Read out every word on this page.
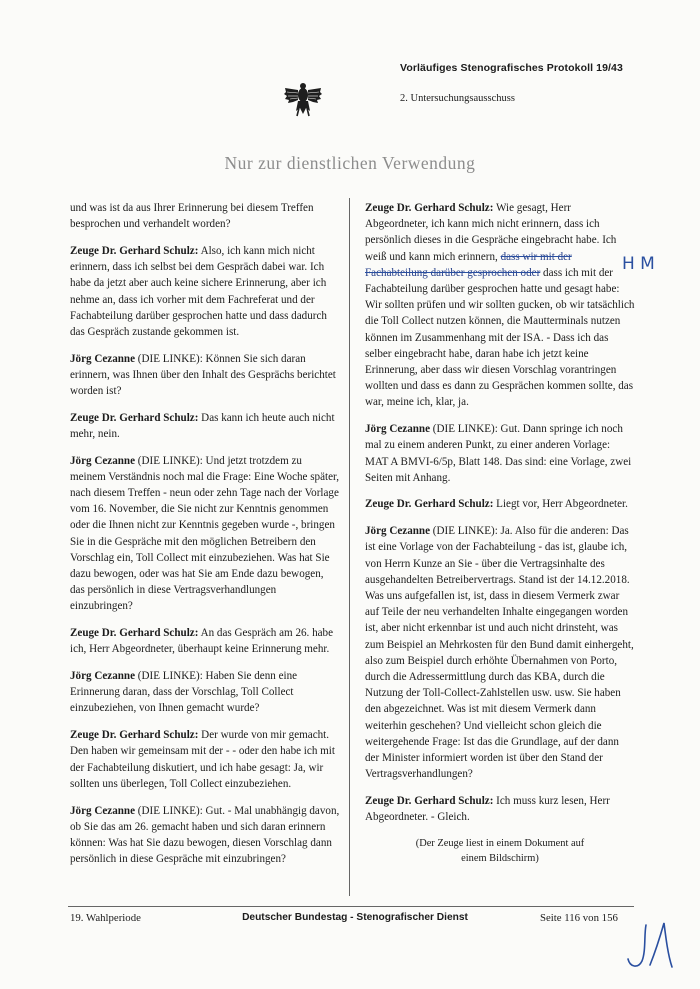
Vorläufiges Stenografisches Protokoll 19/43
2. Untersuchungsausschuss
Nur zur dienstlichen Verwendung

und was ist da aus Ihrer Erinnerung bei diesem Treffen besprochen und verhandelt worden?

Zeuge Dr. Gerhard Schulz: Also, ich kann mich nicht erinnern, dass ich selbst bei dem Gespräch dabei war. Ich habe da jetzt aber auch keine sichere Erinnerung, aber ich nehme an, dass ich vorher mit dem Fachreferat und der Fachabteilung darüber gesprochen hatte und dass dadurch das Gespräch zustande gekommen ist.

Jörg Cezanne (DIE LINKE): Können Sie sich daran erinnern, was Ihnen über den Inhalt des Gesprächs berichtet worden ist?

Zeuge Dr. Gerhard Schulz: Das kann ich heute auch nicht mehr, nein.

Jörg Cezanne (DIE LINKE): Und jetzt trotzdem zu meinem Verständnis noch mal die Frage: Eine Woche später, nach diesem Treffen - neun oder zehn Tage nach der Vorlage vom 16. November, die Sie nicht zur Kenntnis genommen oder die Ihnen nicht zur Kenntnis gegeben wurde -, bringen Sie in die Gespräche mit den möglichen Betreibern den Vorschlag ein, Toll Collect mit einzubeziehen. Was hat Sie dazu bewogen, oder was hat Sie am Ende dazu bewogen, das persönlich in diese Vertragsverhandlungen einzubringen?

Zeuge Dr. Gerhard Schulz: An das Gespräch am 26. habe ich, Herr Abgeordneter, überhaupt keine Erinnerung mehr.

Jörg Cezanne (DIE LINKE): Haben Sie denn eine Erinnerung daran, dass der Vorschlag, Toll Collect einzubeziehen, von Ihnen gemacht wurde?

Zeuge Dr. Gerhard Schulz: Der wurde von mir gemacht. Den haben wir gemeinsam mit der - - oder den habe ich mit der Fachabteilung diskutiert, und ich habe gesagt: Ja, wir sollten uns überlegen, Toll Collect einzubeziehen.

Jörg Cezanne (DIE LINKE): Gut. - Mal unabhängig davon, ob Sie das am 26. gemacht haben und sich daran erinnern können: Was hat Sie dazu bewogen, diesen Vorschlag dann persönlich in diese Gespräche mit einzubringen?

Zeuge Dr. Gerhard Schulz: Wie gesagt, Herr Abgeordneter, ich kann mich nicht erinnern, dass ich persönlich dieses in die Gespräche eingebracht habe. Ich weiß und kann mich erinnern, dass wir mit der Fachabteilung darüber gesprochen oder dass ich mit der Fachabteilung darüber gesprochen hatte und gesagt habe: Wir sollten prüfen und wir sollten gucken, ob wir tatsächlich die Toll Collect nutzen können, die Mautterminals nutzen können im Zusammenhang mit der ISA. - Dass ich das selber eingebracht habe, daran habe ich jetzt keine Erinnerung, aber dass wir diesen Vorschlag vorantringen wollten und dass es dann zu Gesprächen kommen sollte, das war, meine ich, klar, ja.

Jörg Cezanne (DIE LINKE): Gut. Dann springe ich noch mal zu einem anderen Punkt, zu einer anderen Vorlage: MAT A BMVI-6/5p, Blatt 148. Das sind: eine Vorlage, zwei Seiten mit Anhang.

Zeuge Dr. Gerhard Schulz: Liegt vor, Herr Abgeordneter.

Jörg Cezanne (DIE LINKE): Ja. Also für die anderen: Das ist eine Vorlage von der Fachabteilung - das ist, glaube ich, von Herrn Kunze an Sie - über die Vertragsinhalte des ausgehandelten Betreibervertrags. Stand ist der 14.12.2018. Was uns aufgefallen ist, ist, dass in diesem Vermerk zwar auf Teile der neu verhandelten Inhalte eingegangen worden ist, aber nicht erkennbar ist und auch nicht drinsteht, was zum Beispiel an Mehrkosten für den Bund damit einhergeht, also zum Beispiel durch erhöhte Übernahmen von Porto, durch die Adressermittlung durch das KBA, durch die Nutzung der Toll-Collect-Zahlstellen usw. usw. Sie haben den abgezeichnet. Was ist mit diesem Vermerk dann weiterhin geschehen? Und vielleicht schon gleich die weitergehende Frage: Ist das die Grundlage, auf der dann der Minister informiert worden ist über den Stand der Vertragsverhandlungen?

Zeuge Dr. Gerhard Schulz: Ich muss kurz lesen, Herr Abgeordneter. - Gleich.

(Der Zeuge liest in einem Dokument auf einem Bildschirm)

H M
19. Wahlperiode	Deutscher Bundestag - Stenografischer Dienst	Seite 116 von 156
